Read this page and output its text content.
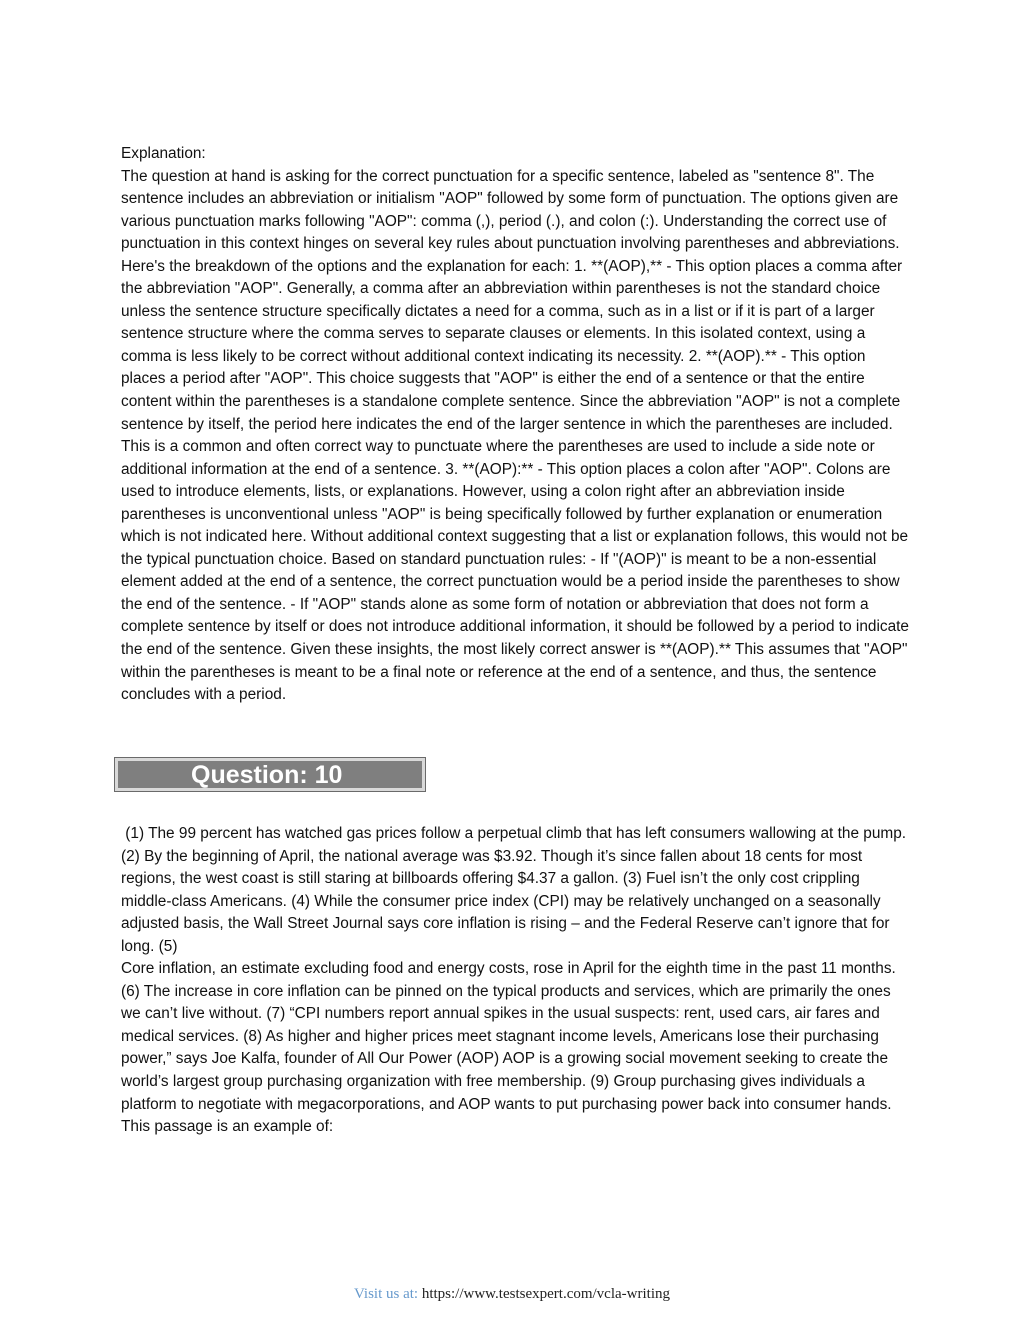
Explanation:
The question at hand is asking for the correct punctuation for a specific sentence, labeled as "sentence 8". The sentence includes an abbreviation or initialism "AOP" followed by some form of punctuation. The options given are various punctuation marks following "AOP": comma (,), period (.), and colon (:). Understanding the correct use of punctuation in this context hinges on several key rules about punctuation involving parentheses and abbreviations. Here's the breakdown of the options and the explanation for each: 1. **(AOP),** - This option places a comma after the abbreviation "AOP". Generally, a comma after an abbreviation within parentheses is not the standard choice unless the sentence structure specifically dictates a need for a comma, such as in a list or if it is part of a larger sentence structure where the comma serves to separate clauses or elements. In this isolated context, using a comma is less likely to be correct without additional context indicating its necessity. 2. **(AOP).** - This option places a period after "AOP". This choice suggests that "AOP" is either the end of a sentence or that the entire content within the parentheses is a standalone complete sentence. Since the abbreviation "AOP" is not a complete sentence by itself, the period here indicates the end of the larger sentence in which the parentheses are included. This is a common and often correct way to punctuate where the parentheses are used to include a side note or additional information at the end of a sentence. 3. **(AOP):** - This option places a colon after "AOP". Colons are used to introduce elements, lists, or explanations. However, using a colon right after an abbreviation inside parentheses is unconventional unless "AOP" is being specifically followed by further explanation or enumeration which is not indicated here. Without additional context suggesting that a list or explanation follows, this would not be the typical punctuation choice. Based on standard punctuation rules: - If "(AOP)" is meant to be a non-essential element added at the end of a sentence, the correct punctuation would be a period inside the parentheses to show the end of the sentence. - If "AOP" stands alone as some form of notation or abbreviation that does not form a complete sentence by itself or does not introduce additional information, it should be followed by a period to indicate the end of the sentence. Given these insights, the most likely correct answer is **(AOP).** This assumes that "AOP" within the parentheses is meant to be a final note or reference at the end of a sentence, and thus, the sentence concludes with a period.
Question: 10
(1) The 99 percent has watched gas prices follow a perpetual climb that has left consumers wallowing at the pump. (2) By the beginning of April, the national average was $3.92. Though it’s since fallen about 18 cents for most regions, the west coast is still staring at billboards offering $4.37 a gallon. (3) Fuel isn’t the only cost crippling middle-class Americans. (4) While the consumer price index (CPI) may be relatively unchanged on a seasonally adjusted basis, the Wall Street Journal says core inflation is rising – and the Federal Reserve can’t ignore that for long. (5)
Core inflation, an estimate excluding food and energy costs, rose in April for the eighth time in the past 11 months. (6) The increase in core inflation can be pinned on the typical products and services, which are primarily the ones we can’t live without. (7) “CPI numbers report annual spikes in the usual suspects: rent, used cars, air fares and medical services. (8) As higher and higher prices meet stagnant income levels, Americans lose their purchasing power,” says Joe Kalfa, founder of All Our Power (AOP) AOP is a growing social movement seeking to create the world’s largest group purchasing organization with free membership. (9) Group purchasing gives individuals a platform to negotiate with megacorporations, and AOP wants to put purchasing power back into consumer hands.
This passage is an example of:
Visit us at: https://www.testsexpert.com/vcla-writing
